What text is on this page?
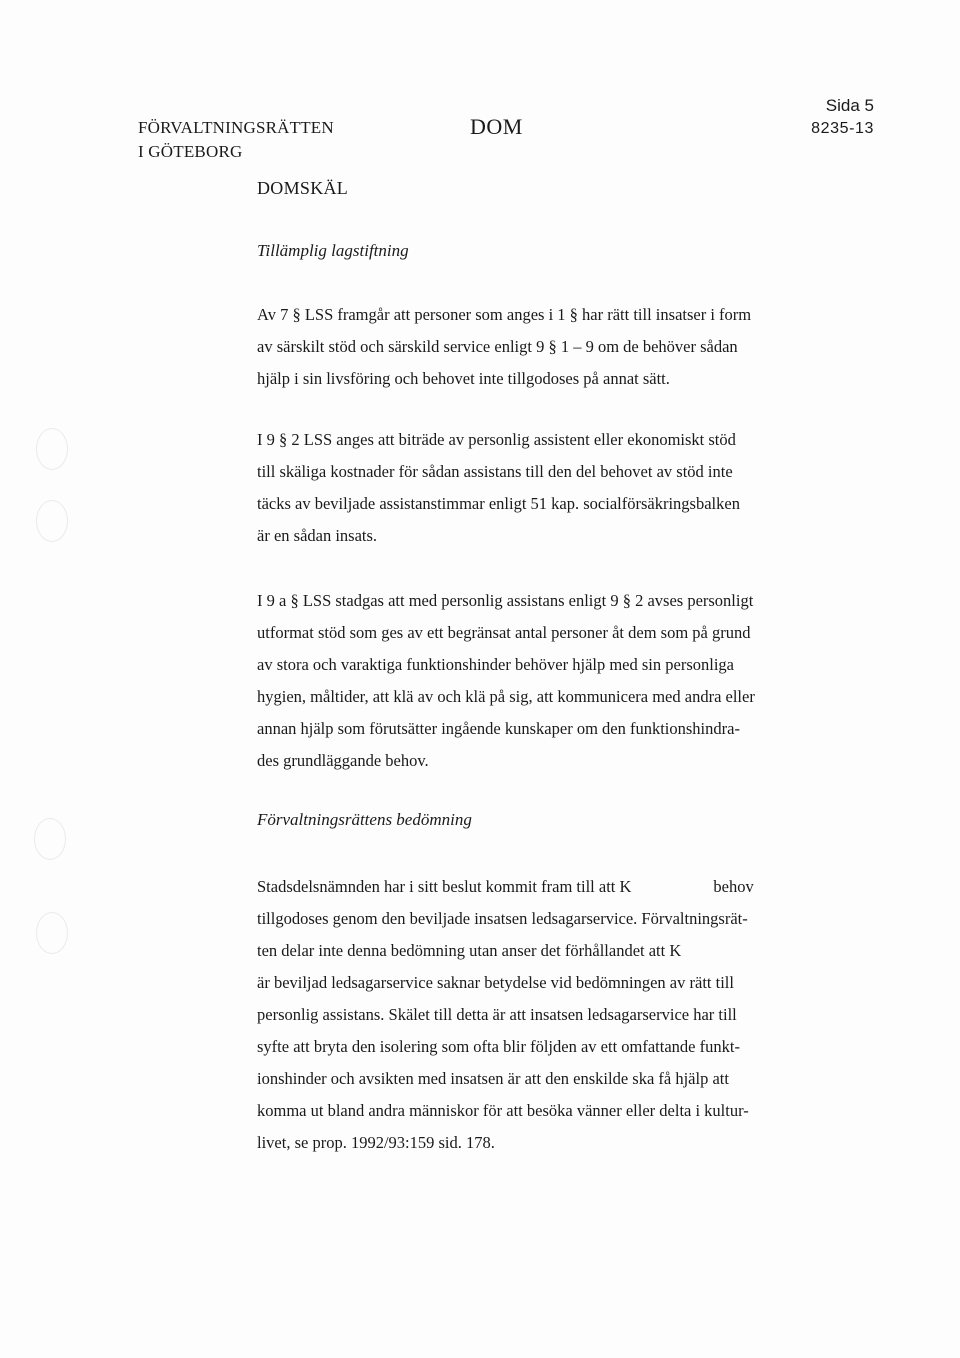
FÖRVALTNINGSRÄTTEN
I GÖTEBORG
DOM
Sida 5
8235-13
DOMSKÄL
Tillämplig lagstiftning
Av 7 § LSS framgår att personer som anges i 1 § har rätt till insatser i form
av särskilt stöd och särskild service enligt 9 § 1 – 9 om de behöver sådan
hjälp i sin livsföring och behovet inte tillgodoses på annat sätt.
I 9 § 2 LSS anges att biträde av personlig assistent eller ekonomiskt stöd
till skäliga kostnader för sådan assistans till den del behovet av stöd inte
täcks av beviljade assistanstimmar enligt 51 kap. socialförsäkringsbalken
är en sådan insats.
I 9 a § LSS stadgas att med personlig assistans enligt 9 § 2 avses personligt
utformat stöd som ges av ett begränsat antal personer åt dem som på grund
av stora och varaktiga funktionshinder behöver hjälp med sin personliga
hygien, måltider, att klä av och klä på sig, att kommunicera med andra eller
annan hjälp som förutsätter ingående kunskaper om den funktionshindra-
des grundläggande behov.
Förvaltningsrättens bedömning
Stadsdelsnämnden har i sitt beslut kommit fram till att K	behov
tillgodoses genom den beviljade insatsen ledsagarservice. Förvaltningsrät-
ten delar inte denna bedömning utan anser det förhållandet att K
är beviljad ledsagarservice saknar betydelse vid bedömningen av rätt till
personlig assistans. Skälet till detta är att insatsen ledsagarservice har till
syfte att bryta den isolering som ofta blir följden av ett omfattande funkt-
ionshinder och avsikten med insatsen är att den enskilde ska få hjälp att
komma ut bland andra människor för att besöka vänner eller delta i kultur-
livet, se prop. 1992/93:159 sid. 178.
